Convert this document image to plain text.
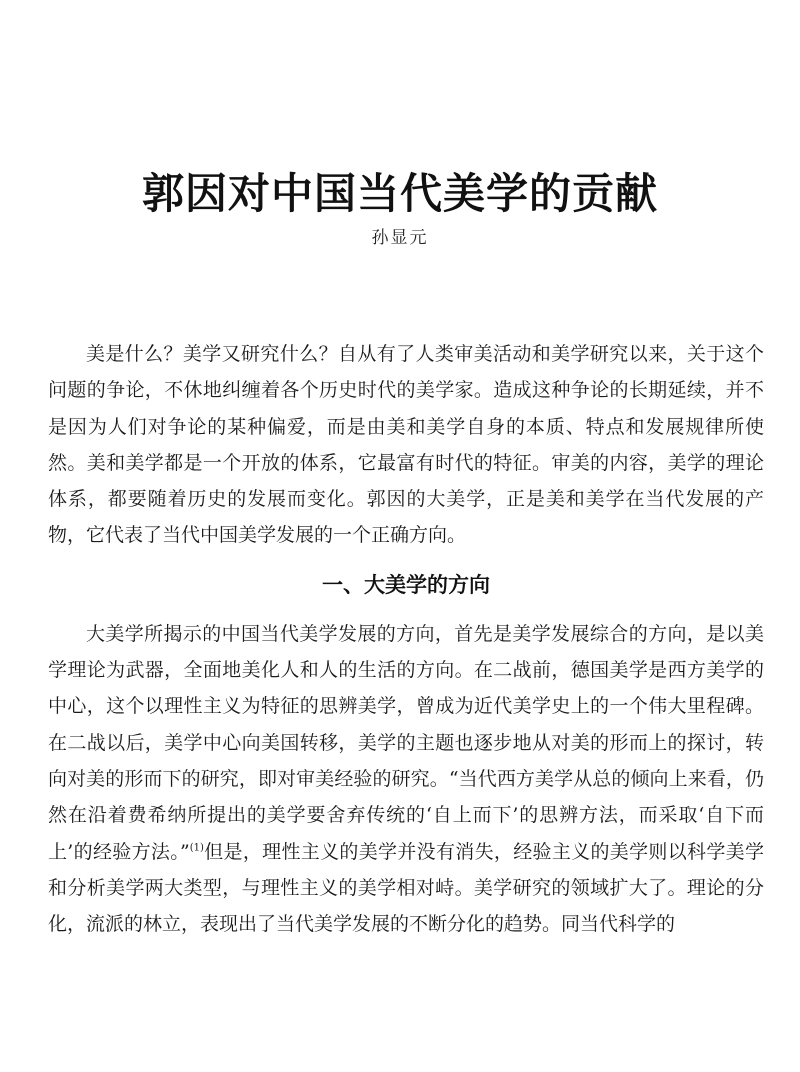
郭因对中国当代美学的贡献
孙显元

美是什么？美学又研究什么？自从有了人类审美活动和美学研究以来，关于这个问题的争论，不休地纠缠着各个历史时代的美学家。造成这种争论的长期延续，并不是因为人们对争论的某种偏爱，而是由美和美学自身的本质、特点和发展规律所使然。美和美学都是一个开放的体系，它最富有时代的特征。审美的内容，美学的理论体系，都要随着历史的发展而变化。郭因的大美学，正是美和美学在当代发展的产物，它代表了当代中国美学发展的一个正确方向。

一、大美学的方向

大美学所揭示的中国当代美学发展的方向，首先是美学发展综合的方向，是以美学理论为武器，全面地美化人和人的生活的方向。在二战前，德国美学是西方美学的中心，这个以理性主义为特征的思辨美学，曾成为近代美学史上的一个伟大里程碑。在二战以后，美学中心向美国转移，美学的主题也逐步地从对美的形而上的探讨，转向对美的形而下的研究，即对审美经验的研究。“当代西方美学从总的倾向上来看，仍然在沿着费希纳所提出的美学要舍弃传统的‘自上而下’的思辨方法，而采取‘自下而上’的经验方法。”$^{(1)}$但是，理性主义的美学并没有消失，经验主义的美学则以科学美学和分析美学两大类型，与理性主义的美学相对峙。美学研究的领域扩大了。理论的分化，流派的林立，表现出了当代美学发展的不断分化的趋势。同当代科学的
